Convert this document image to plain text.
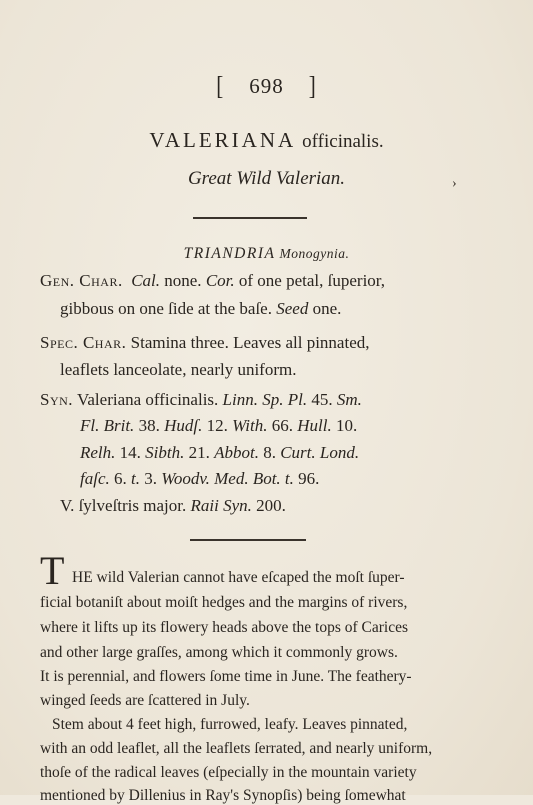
[ 698 ]
VALERIANA officinalis.
Great Wild Valerian.	›
TRIANDRIA Monogynia.
Gen. Char. Cal. none. Cor. of one petal, ſuperior,
gibbous on one ſide at the baſe. Seed one.
Spec. Char. Stamina three. Leaves all pinnated,
leaflets lanceolate, nearly uniform.
Syn. Valeriana officinalis. Linn. Sp. Pl. 45. Sm.
Fl. Brit. 38. Hudſ. 12. With. 66. Hull. 10.
Relh. 14. Sibth. 21. Abbot. 8. Curt. Lond.
faſc. 6. t. 3. Woodv. Med. Bot. t. 96.
V. ſylveſtris major. Raii Syn. 200.
T HE wild Valerian cannot have eſcaped the moſt ſuper-
ficial botaniſt about moiſt hedges and the margins of rivers,
where it lifts up its flowery heads above the tops of Carices
and other large graſſes, among which it commonly grows.
It is perennial, and flowers ſome time in June. The feathery-
winged ſeeds are ſcattered in July.
Stem about 4 feet high, furrowed, leafy. Leaves pinnated,
with an odd leaflet, all the leaflets ſerrated, and nearly uniform,
thoſe of the radical leaves (eſpecially in the mountain variety
mentioned by Dillenius in Ray's Synopſis) being ſomewhat
